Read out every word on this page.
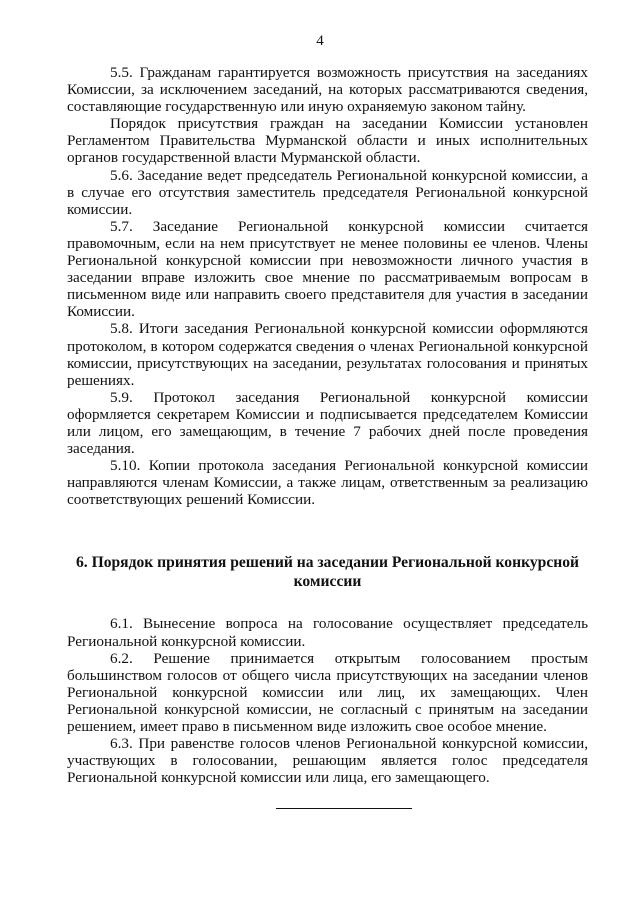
4

5.5. Гражданам гарантируется возможность присутствия на заседаниях Комиссии, за исключением заседаний, на которых рассматриваются сведения, составляющие государственную или иную охраняемую законом тайну.

Порядок присутствия граждан на заседании Комиссии установлен Регламентом Правительства Мурманской области и иных исполнительных органов государственной власти Мурманской области.

5.6. Заседание ведет председатель Региональной конкурсной комиссии, а в случае его отсутствия заместитель председателя Региональной конкурсной комиссии.

5.7. Заседание Региональной конкурсной комиссии считается правомочным, если на нем присутствует не менее половины ее членов. Члены Региональной конкурсной комиссии при невозможности личного участия в заседании вправе изложить свое мнение по рассматриваемым вопросам в письменном виде или направить своего представителя для участия в заседании Комиссии.

5.8. Итоги заседания Региональной конкурсной комиссии оформляются протоколом, в котором содержатся сведения о членах Региональной конкурсной комиссии, присутствующих на заседании, результатах голосования и принятых решениях.

5.9. Протокол заседания Региональной конкурсной комиссии оформляется секретарем Комиссии и подписывается председателем Комиссии или лицом, его замещающим, в течение 7 рабочих дней после проведения заседания.

5.10. Копии протокола заседания Региональной конкурсной комиссии направляются членам Комиссии, а также лицам, ответственным за реализацию соответствующих решений Комиссии.

6. Порядок принятия решений на заседании Региональной конкурсной комиссии

6.1. Вынесение вопроса на голосование осуществляет председатель Региональной конкурсной комиссии.

6.2. Решение принимается открытым голосованием простым большинством голосов от общего числа присутствующих на заседании членов Региональной конкурсной комиссии или лиц, их замещающих. Член Региональной конкурсной комиссии, не согласный с принятым на заседании решением, имеет право в письменном виде изложить свое особое мнение.

6.3. При равенстве голосов членов Региональной конкурсной комиссии, участвующих в голосовании, решающим является голос председателя Региональной конкурсной комиссии или лица, его замещающего.
